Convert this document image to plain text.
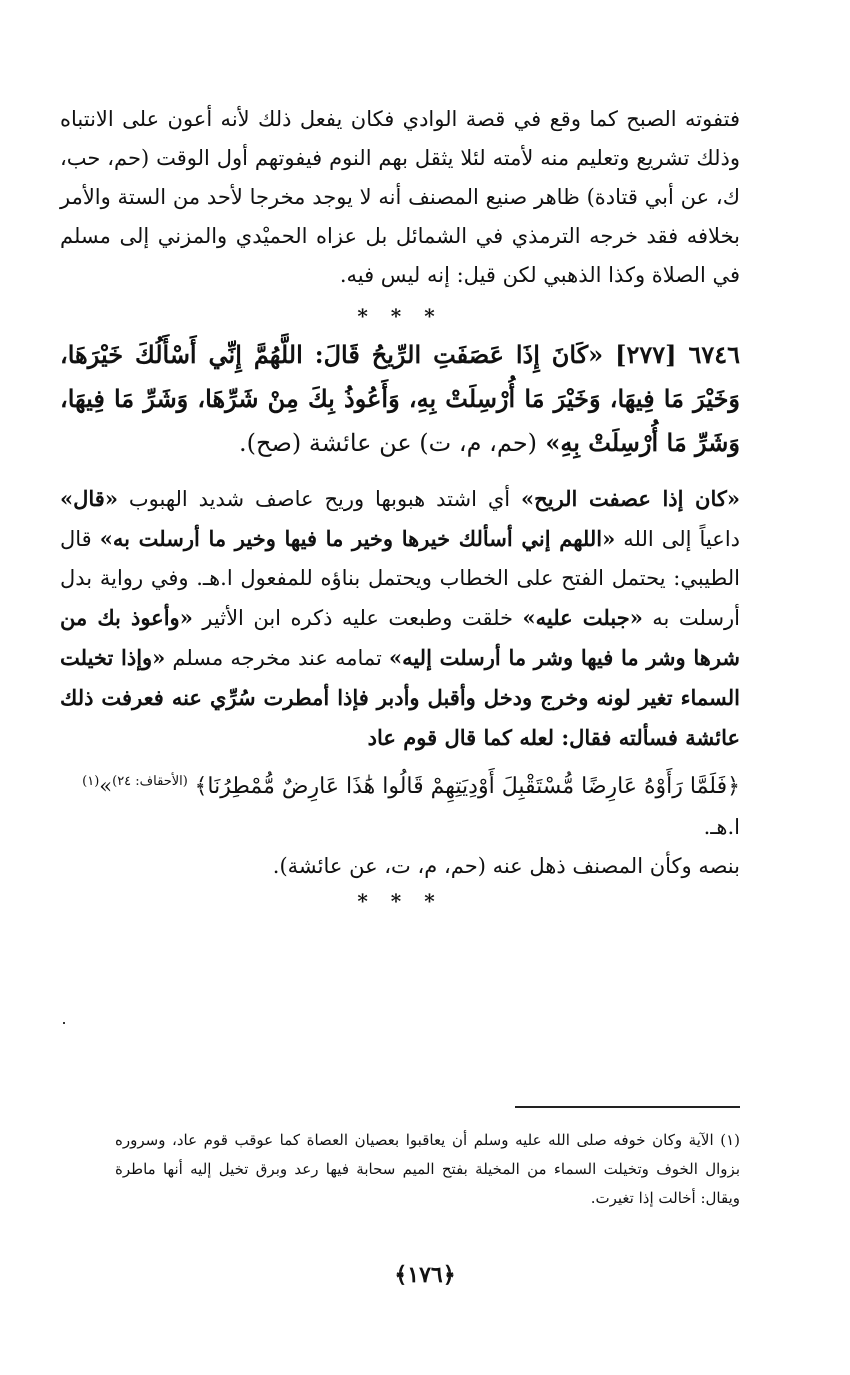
فتفوته الصبح كما وقع في قصة الوادي فكان يفعل ذلك لأنه أعون على الانتباه وذلك تشريع وتعليم منه لأمته لئلا يثقل بهم النوم فيفوتهم أول الوقت (حم، حب، ك، عن أبي قتادة) ظاهر صنيع المصنف أنه لا يوجد مخرجا لأحد من الستة والأمر بخلافه فقد خرجه الترمذي في الشمائل بل عزاه الحميْدي والمزني إلى مسلم في الصلاة وكذا الذهبي لكن قيل: إنه ليس فيه.

* * *

٦٧٤٦ [٢٧٧] «كَانَ إِذَا عَصَفَتِ الرِّيحُ قَالَ: اللَّهُمَّ إِنِّي أَسْأَلُكَ خَيْرَهَا، وَخَيْرَ مَا فِيهَا، وَخَيْرَ مَا أُرْسِلَتْ بِهِ، وَأَعُوذُ بِكَ مِنْ شَرِّهَا، وَشَرِّ مَا فِيهَا، وَشَرِّ مَا أُرْسِلَتْ بِهِ» (حم، م، ت) عن عائشة (صح).

«كان إذا عصفت الريح» أي اشتد هبوبها وريح عاصف شديد الهبوب «قال» داعياً إلى الله «اللهم إني أسألك خيرها وخير ما فيها وخير ما أرسلت به» قال الطيبي: يحتمل الفتح على الخطاب ويحتمل بناؤه للمفعول ا.هـ. وفي رواية بدل أرسلت به «جبلت عليه» خلقت وطبعت عليه ذكره ابن الأثير «وأعوذ بك من شرها وشر ما فيها وشر ما أرسلت إليه» تمامه عند مخرجه مسلم «وإذا تخيلت السماء تغير لونه وخرج ودخل وأقبل وأدبر فإذا أمطرت سُرِّي عنه فعرفت ذلك عائشة فسألته فقال: لعله كما قال قوم عاد

﴿فَلَمَّا رَأَوْهُ عَارِضًا مُّسْتَقْبِلَ أَوْدِيَتِهِمْ قَالُوا هَٰذَا عَارِضٌ مُّمْطِرُنَا﴾ $^{(الأحقاف: ٢٤)}$»$^{(١)}$ ا.هـ.

بنصه وكأن المصنف ذهل عنه (حم، م، ت، عن عائشة).

* * *

(١) الآية وكان خوفه صلى الله عليه وسلم أن يعاقبوا بعصيان العصاة كما عوقب قوم عاد، وسروره بزوال الخوف وتخيلت السماء من المخيلة بفتح الميم سحابة فيها رعد وبرق تخيل إليه أنها ماطرة ويقال: أخالت إذا تغيرت.

﴿١٧٦﴾
